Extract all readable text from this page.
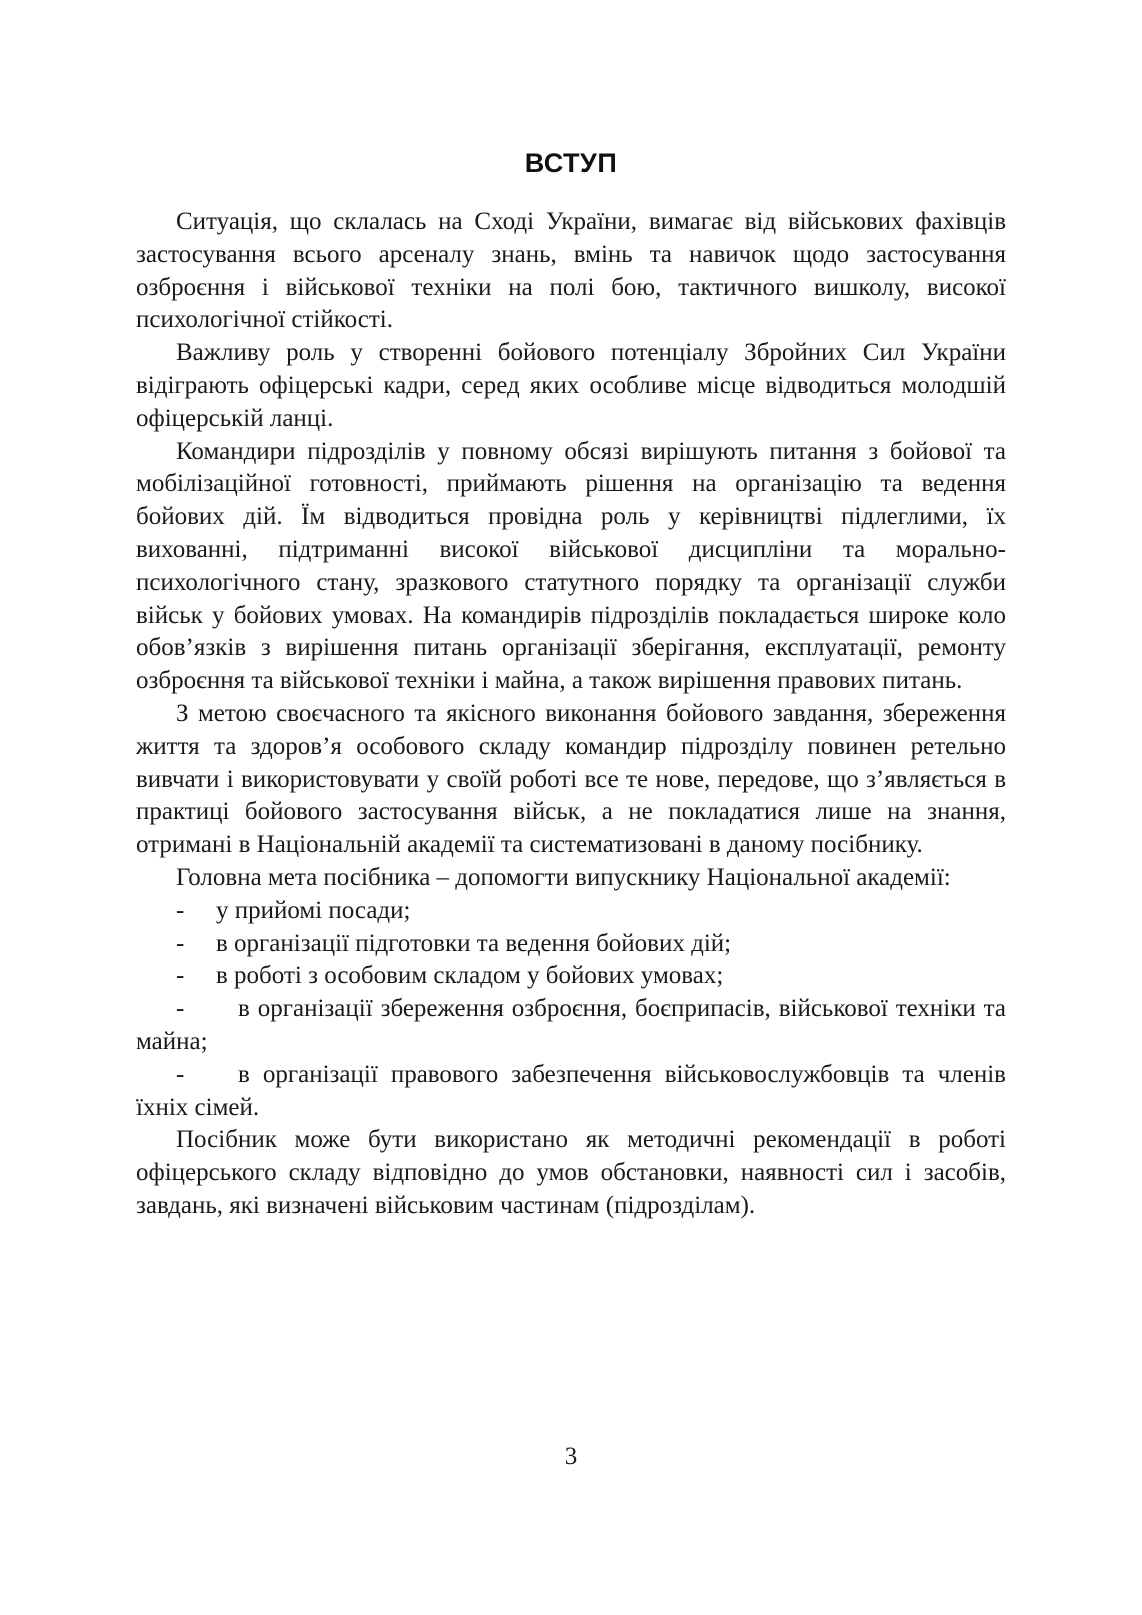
ВСТУП

Ситуація, що склалась на Сході України, вимагає від військових фахівців застосування всього арсеналу знань, вмінь та навичок щодо застосування озброєння і військової техніки на полі бою, тактичного вишколу, високої психологічної стійкості.

Важливу роль у створенні бойового потенціалу Збройних Сил України відіграють офіцерські кадри, серед яких особливе місце відводиться молодшій офіцерській ланці.

Командири підрозділів у повному обсязі вирішують питання з бойової та мобілізаційної готовності, приймають рішення на організацію та ведення бойових дій. Їм відводиться провідна роль у керівництві підлеглими, їх вихованні, підтриманні високої військової дисципліни та морально-психологічного стану, зразкового статутного порядку та організації служби військ у бойових умовах. На командирів підрозділів покладається широке коло обов’язків з вирішення питань організації зберігання, експлуатації, ремонту озброєння та військової техніки і майна, а також вирішення правових питань.

З метою своєчасного та якісного виконання бойового завдання, збереження життя та здоров’я особового складу командир підрозділу повинен ретельно вивчати і використовувати у своїй роботі все те нове, передове, що з’являється в практиці бойового застосування військ, а не покладатися лише на знання, отримані в Національній академії та систематизовані в даному посібнику.

Головна мета посібника – допомогти випускнику Національної академії:

-	у прийомі посади;
-	в організації підготовки та ведення бойових дій;
-	в роботі з особовим складом у бойових умовах;

- в організації збереження озброєння, боєприпасів, військової техніки та майна;

- в організації правового забезпечення військовослужбовців та членів їхніх сімей.

Посібник може бути використано як методичні рекомендації в роботі офіцерського складу відповідно до умов обстановки, наявності сил і засобів, завдань, які визначені військовим частинам (підрозділам).

3
